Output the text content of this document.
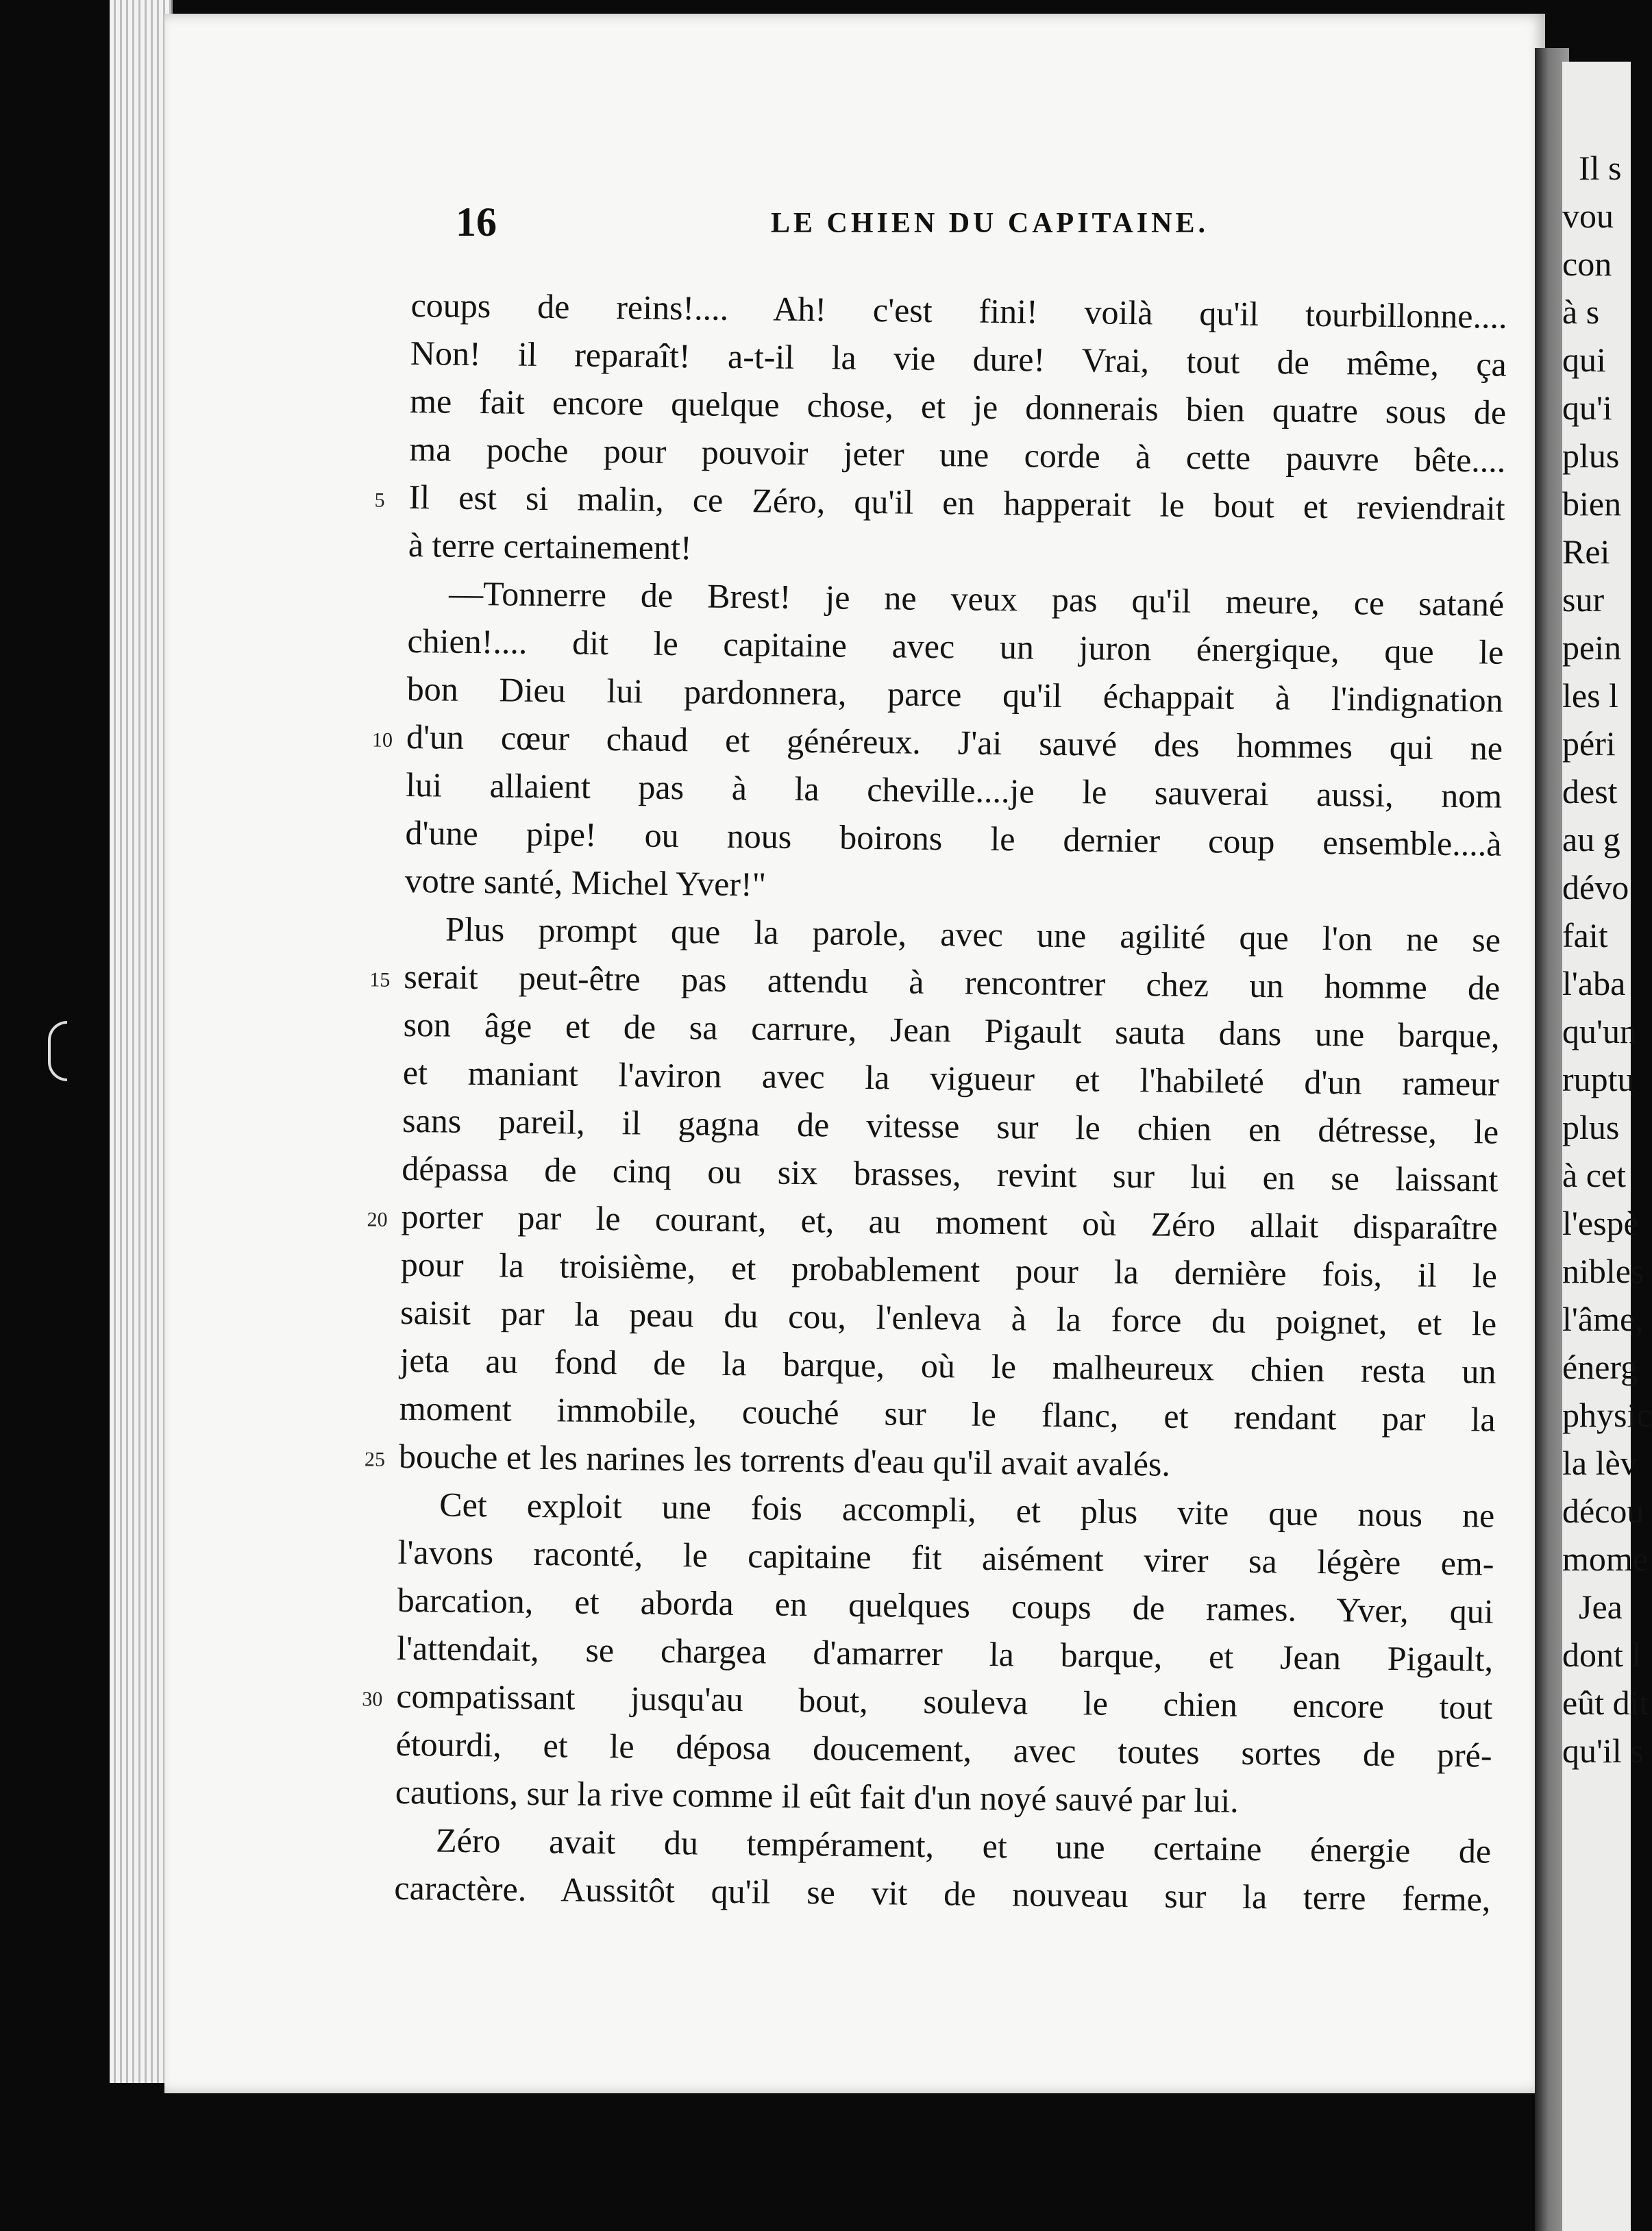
16	LE CHIEN DU CAPITAINE.
coups de reins!.... Ah! c'est fini! voilà qu'il tourbillonne....
Non! il reparaît! a-t-il la vie dure! Vrai, tout de même, ça
me fait encore quelque chose, et je donnerais bien quatre sous de
ma poche pour pouvoir jeter une corde à cette pauvre bête....
5 Il est si malin, ce Zéro, qu'il en happerait le bout et reviendrait
à terre certainement!
—Tonnerre de Brest! je ne veux pas qu'il meure, ce satané
chien!.... dit le capitaine avec un juron énergique, que le
bon Dieu lui pardonnera, parce qu'il échappait à l'indignation
10 d'un cœur chaud et généreux. J'ai sauvé des hommes qui ne
lui allaient pas à la cheville....je le sauverai aussi, nom
d'une pipe! ou nous boirons le dernier coup ensemble....à
votre santé, Michel Yver!"
Plus prompt que la parole, avec une agilité que l'on ne se
15 serait peut-être pas attendu à rencontrer chez un homme de
son âge et de sa carrure, Jean Pigault sauta dans une barque,
et maniant l'aviron avec la vigueur et l'habileté d'un rameur
sans pareil, il gagna de vitesse sur le chien en détresse, le
dépassa de cinq ou six brasses, revint sur lui en se laissant
20 porter par le courant, et, au moment où Zéro allait disparaître
pour la troisième, et probablement pour la dernière fois, il le
saisit par la peau du cou, l'enleva à la force du poignet, et le
jeta au fond de la barque, où le malheureux chien resta un
moment immobile, couché sur le flanc, et rendant par la
25 bouche et les narines les torrents d'eau qu'il avait avalés.
Cet exploit une fois accompli, et plus vite que nous ne
l'avons raconté, le capitaine fit aisément virer sa légère em-
barcation, et aborda en quelques coups de rames. Yver, qui
l'attendait, se chargea d'amarrer la barque, et Jean Pigault,
30 compatissant jusqu'au bout, souleva le chien encore tout
étourdi, et le déposa doucement, avec toutes sortes de pré-
cautions, sur la rive comme il eût fait d'un noyé sauvé par lui.
Zéro avait du tempérament, et une certaine énergie de
caractère. Aussitôt qu'il se vit de nouveau sur la terre ferme,
Il s
vou
con
à s
qui
qu'i
plus
bien
Rei
sur
pein
les l
péri
dest
au g
dévo
fait
l'aba
qu'un
ruptu
plus
à cet
l'espè
nibles
l'âme,
énerg
physic
la lèv
décou
mome
Jea
dont l
eût dit
qu'il s
